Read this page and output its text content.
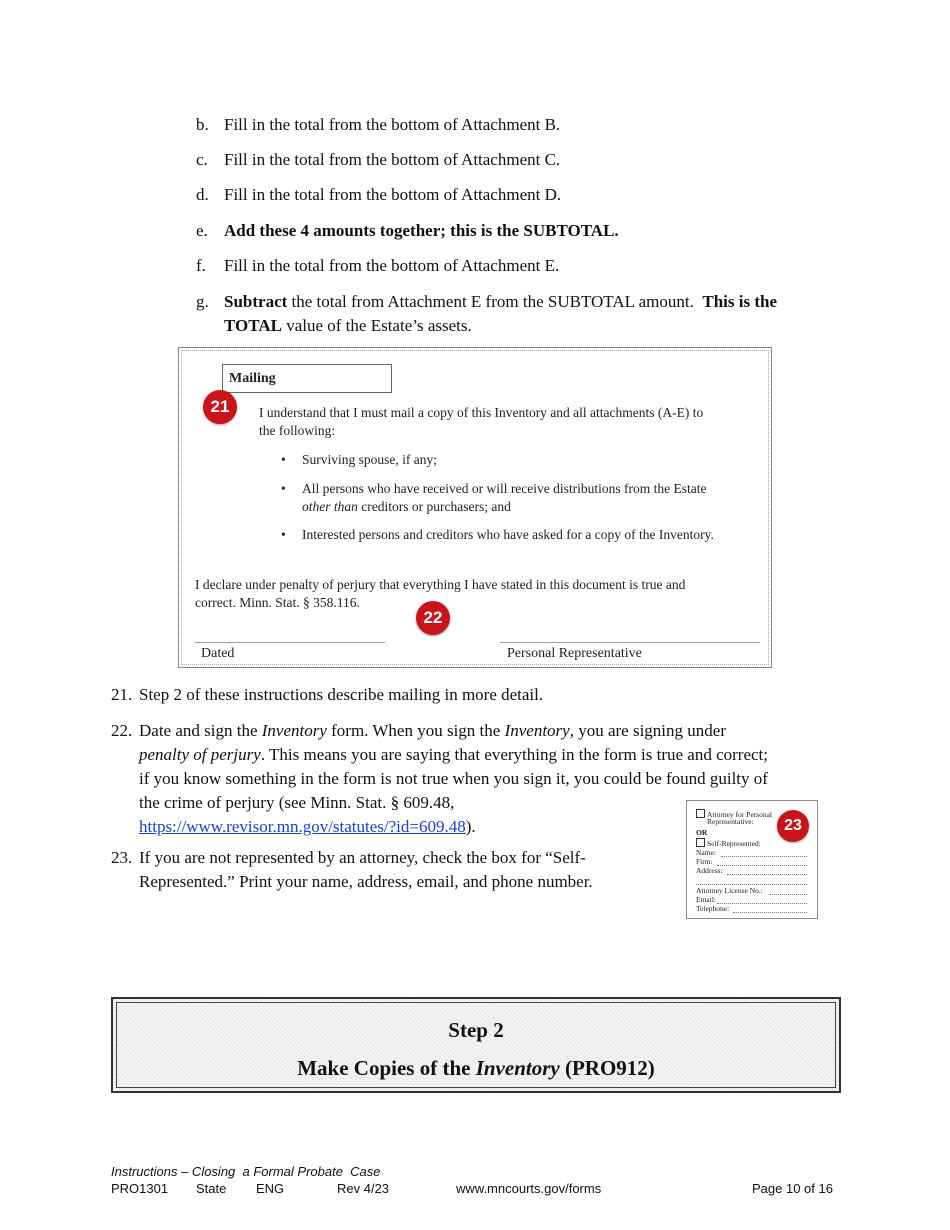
b. Fill in the total from the bottom of Attachment B.
c. Fill in the total from the bottom of Attachment C.
d. Fill in the total from the bottom of Attachment D.
e. Add these 4 amounts together; this is the SUBTOTAL.
f. Fill in the total from the bottom of Attachment E.
g. Subtract the total from Attachment E from the SUBTOTAL amount.  This is the
TOTAL value of the Estate’s assets.
Mailing
21	I understand that I must mail a copy of this Inventory and all attachments (A-E) to
the following:
• Surviving spouse, if any;
• All persons who have received or will receive distributions from the Estate
other than creditors or purchasers; and
• Interested persons and creditors who have asked for a copy of the Inventory.
I declare under penalty of perjury that everything I have stated in this document is true and
correct. Minn. Stat. § 358.116.
22
Dated	Personal Representative
21. Step 2 of these instructions describe mailing in more detail.
22. Date and sign the Inventory form. When you sign the Inventory, you are signing under
penalty of perjury. This means you are saying that everything in the form is true and correct;
if you know something in the form is not true when you sign it, you could be found guilty of
the crime of perjury (see Minn. Stat. § 609.48,
https://www.revisor.mn.gov/statutes/?id=609.48).
23. If you are not represented by an attorney, check the box for “Self-
Represented.” Print your name, address, email, and phone number.
Attorney for Personal
Representative:
OR
Self-Represented:
Name:
Firm:
Address:
Attorney License No.:
Email:
Telephone:
23
Step 2
Make Copies of the Inventory (PRO912)
Instructions – Closing  a Formal Probate  Case
PRO1301 State ENG	Rev 4/23	www.mncourts.gov/forms	Page 10 of 16
